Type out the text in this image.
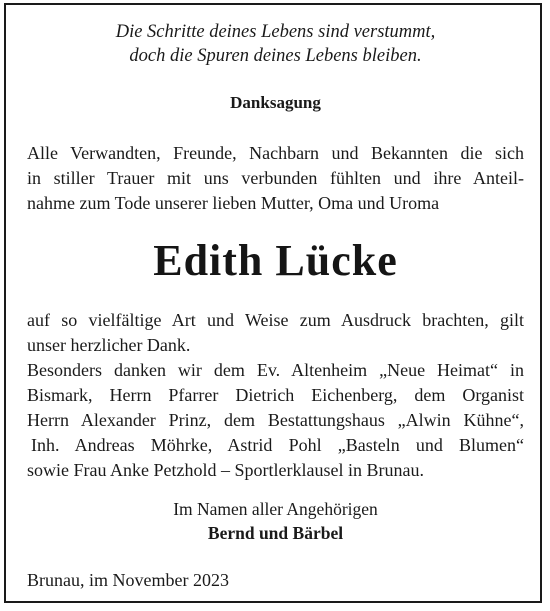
Die Schritte deines Lebens sind verstummt,
doch die Spuren deines Lebens bleiben.
Danksagung
Alle Verwandten, Freunde, Nachbarn und Bekannten die sich
in stiller Trauer mit uns verbunden fühlten und ihre Anteil-
nahme zum Tode unserer lieben Mutter, Oma und Uroma
Edith Lücke
auf so vielfältige Art und Weise zum Ausdruck brachten, gilt
unser herzlicher Dank.
Besonders danken wir dem Ev. Altenheim „Neue Heimat“ in
Bismark, Herrn Pfarrer Dietrich Eichenberg, dem Organist
Herrn Alexander Prinz, dem Bestattungshaus „Alwin Kühne“,
Inh. Andreas Möhrke, Astrid Pohl „Basteln und Blumen“
sowie Frau Anke Petzhold – Sportlerklausel in Brunau.
Im Namen aller Angehörigen
Bernd und Bärbel
Brunau, im November 2023
